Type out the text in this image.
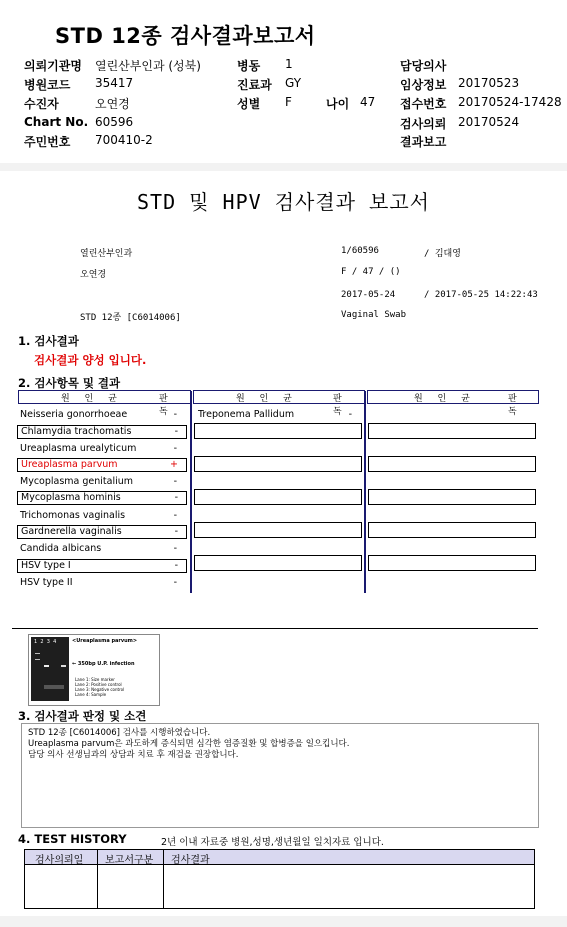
STD 12종 검사결과보고서
의뢰기관명 열린산부인과 (성북)	병동 1	담당의사
병원코드 35417	진료과 GY	임상정보 20170523
수진자	오연경	성별 F	나이 47 접수번호 20170524-17428
Chart No. 60596	검사의뢰 20170524
주민번호 700410-2	결과보고
STD 및 HPV 검사결과 보고서
열린산부인과	1/60596	/ 김대영
오연경	F / 47 / ()
2017-05-24	/ 2017-05-25 14:22:43
STD 12종 [C6014006]	Vaginal Swab
1. 검사결과
검사결과 양성 입니다.
2. 검사항목 및 결과
원 인 균	판 독
원 인 균	판 독
원 인 균	판 독
Neisseria gonorrhoeae	-
Chlamydia trachomatis	-
Ureaplasma urealyticum	-
Ureaplasma parvum	+
Mycoplasma genitalium	-
Mycoplasma hominis	-
Trichomonas vaginalis	-
Gardnerella vaginalis	-
Candida albicans	-
HSV type I	-
HSV type II	-
Treponema Pallidum	-
1  2  3  4	<Ureaplasma parvum>
← 350bp U.P. infection
Lane 1: Size marker
Lane 2: Positive control
Lane 3: Negative control
Lane 4: Sample
3. 검사결과 판정 및 소견
STD 12종 [C6014006] 검사를 시행하였습니다.
Ureaplasma parvum은 과도하게 증식되면 심각한 염증질환 및 합병증을 일으킵니다.
담당 의사 선생님과의 상담과 치료 후 재검을 권장합니다.
4. TEST HISTORY	2년 이내 자료중 병원,성명,생년월일 일치자료 입니다.
검사의뢰일 보고서구분 검사결과
